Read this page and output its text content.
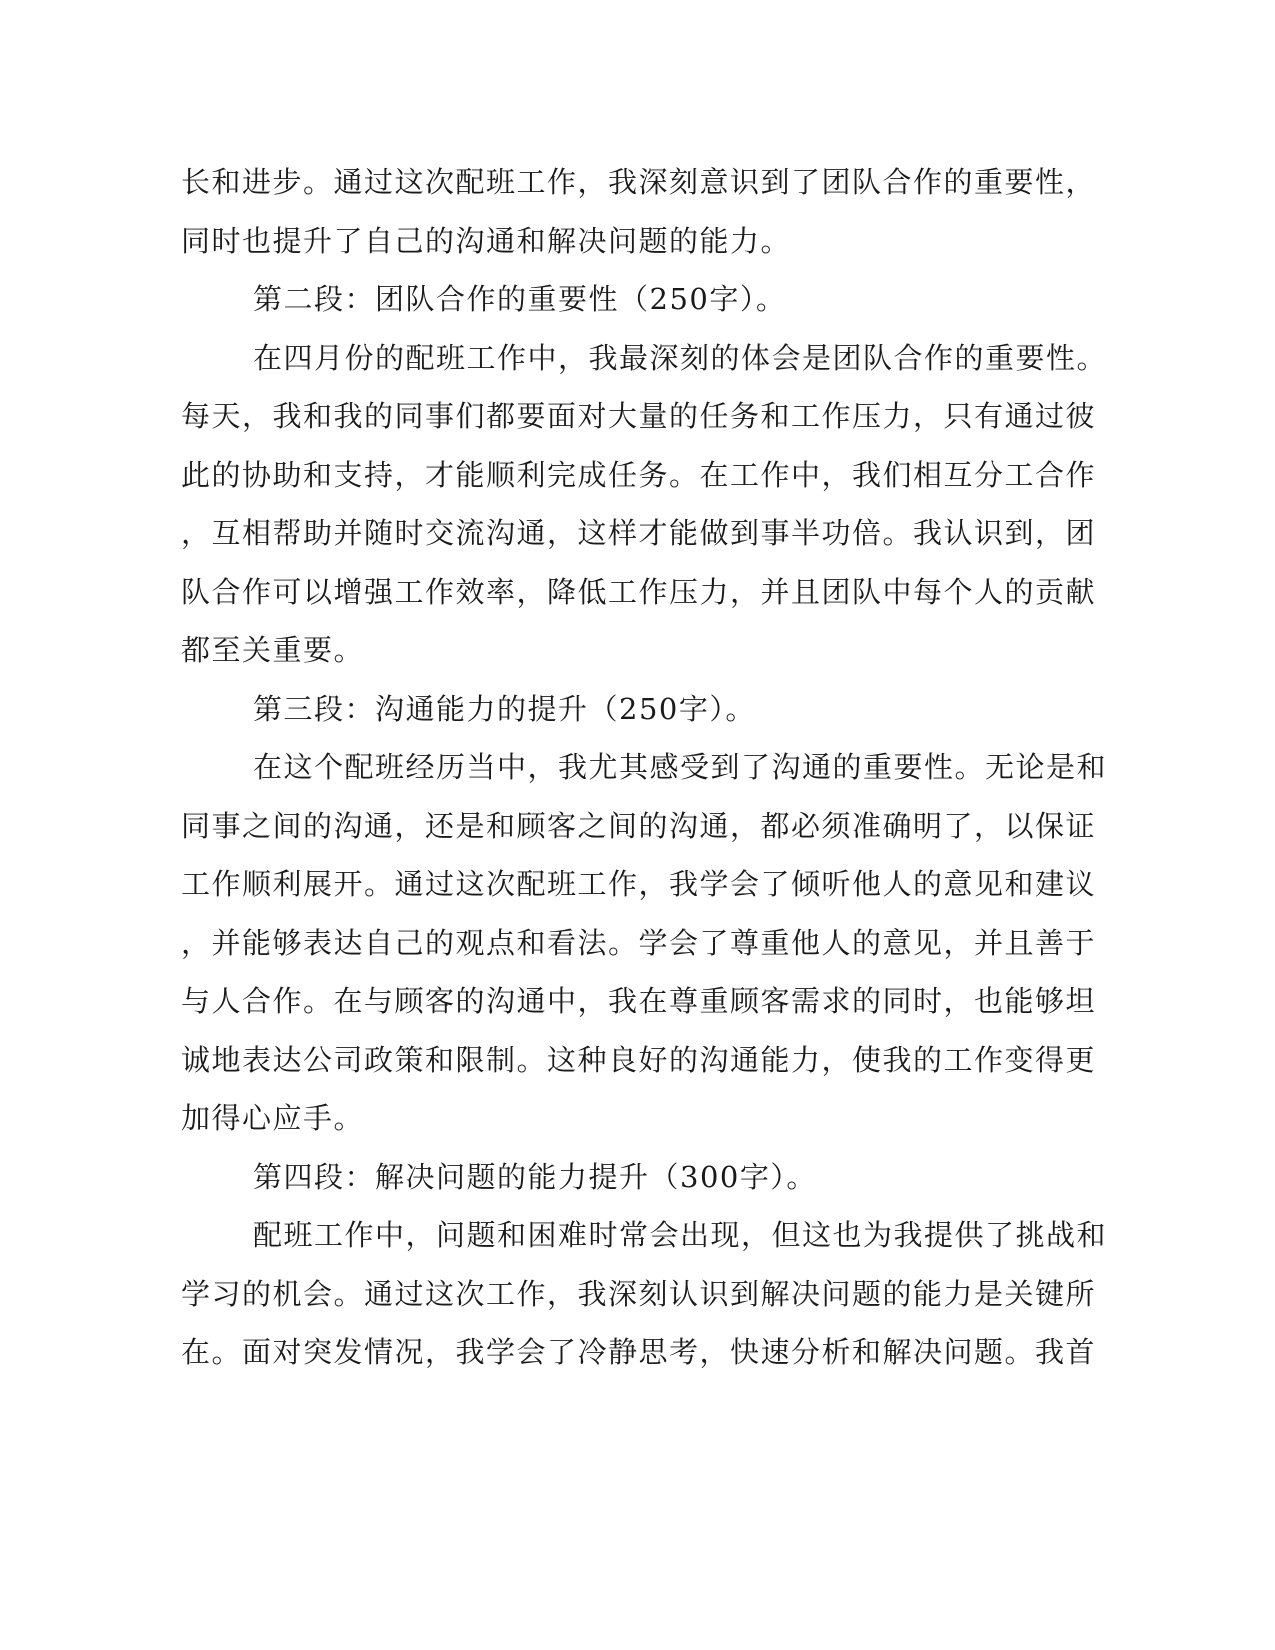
长和进步。通过这次配班工作，我深刻意识到了团队合作的重要性，
同时也提升了自己的沟通和解决问题的能力。
第二段：团队合作的重要性（250字）。
在四月份的配班工作中，我最深刻的体会是团队合作的重要性。
每天，我和我的同事们都要面对大量的任务和工作压力，只有通过彼
此的协助和支持，才能顺利完成任务。在工作中，我们相互分工合作
，互相帮助并随时交流沟通，这样才能做到事半功倍。我认识到，团
队合作可以增强工作效率，降低工作压力，并且团队中每个人的贡献
都至关重要。
第三段：沟通能力的提升（250字）。
在这个配班经历当中，我尤其感受到了沟通的重要性。无论是和
同事之间的沟通，还是和顾客之间的沟通，都必须准确明了，以保证
工作顺利展开。通过这次配班工作，我学会了倾听他人的意见和建议
，并能够表达自己的观点和看法。学会了尊重他人的意见，并且善于
与人合作。在与顾客的沟通中，我在尊重顾客需求的同时，也能够坦
诚地表达公司政策和限制。这种良好的沟通能力，使我的工作变得更
加得心应手。
第四段：解决问题的能力提升（300字）。
配班工作中，问题和困难时常会出现，但这也为我提供了挑战和
学习的机会。通过这次工作，我深刻认识到解决问题的能力是关键所
在。面对突发情况，我学会了冷静思考，快速分析和解决问题。我首
